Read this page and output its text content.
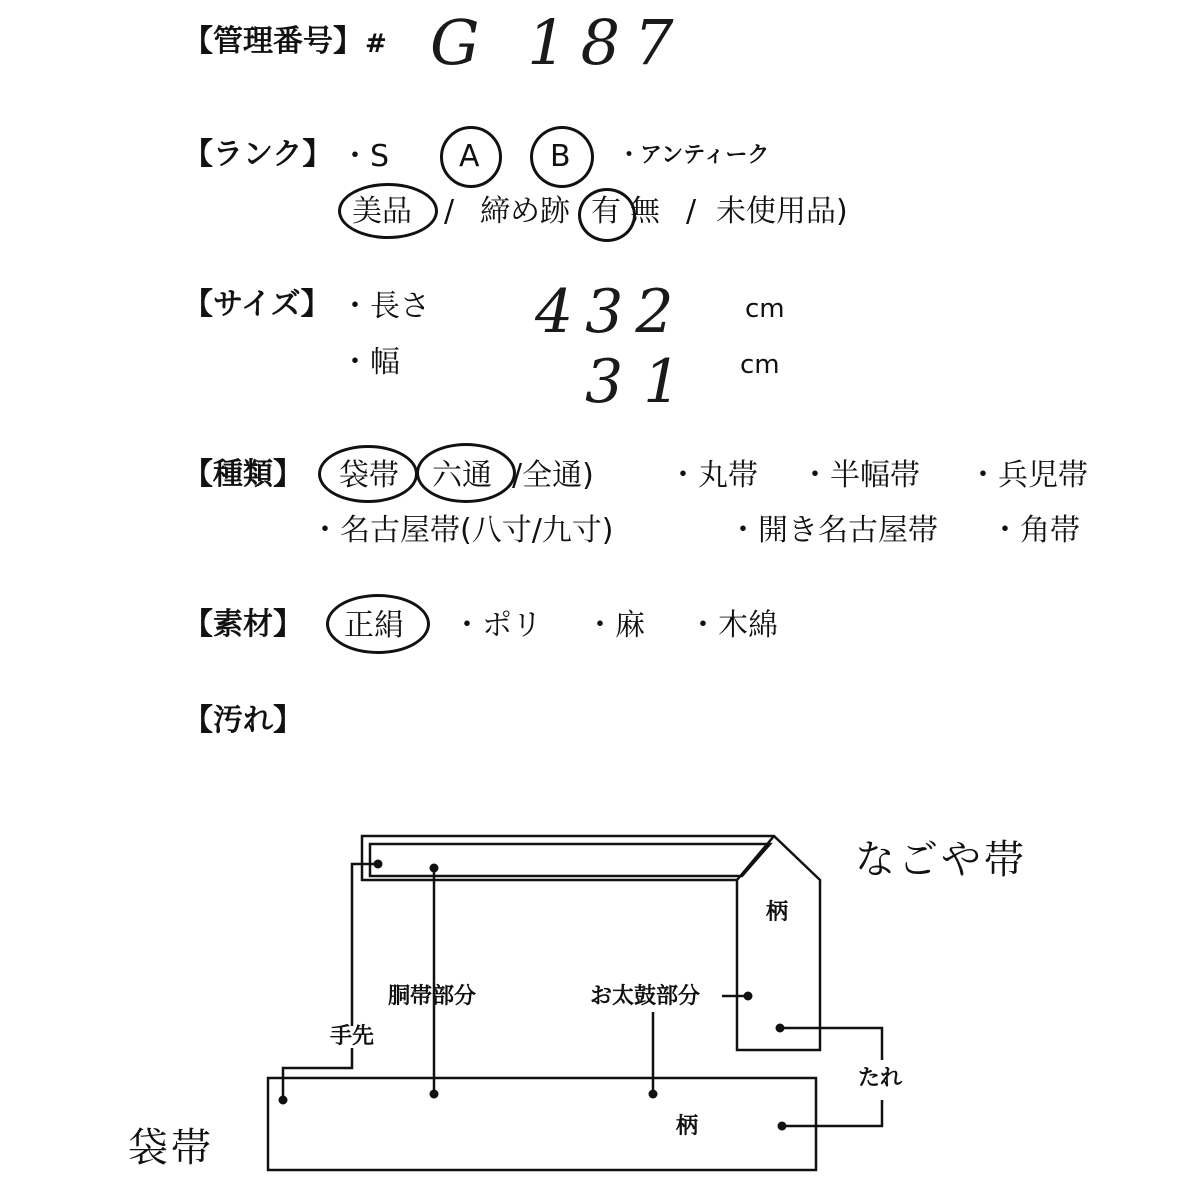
【管理番号】 # G 187
【ランク】 ・S A B ・アンティーク
美品 / 締め跡 有 無 / 未使用品)
【サイズ】 ・長さ 432 cm
・幅	31 cm
【種類】 袋帯 六通 /全通) ・丸帯 ・半幅帯 ・兵児帯
・名古屋帯(八寸/九寸)	・開き名古屋帯 ・角帯
【素材】 正絹 ・ポリ ・麻 ・木綿
【汚れ】
なごや帯
袋帯
柄
柄
胴帯部分	お太鼓部分
手先
たれ
